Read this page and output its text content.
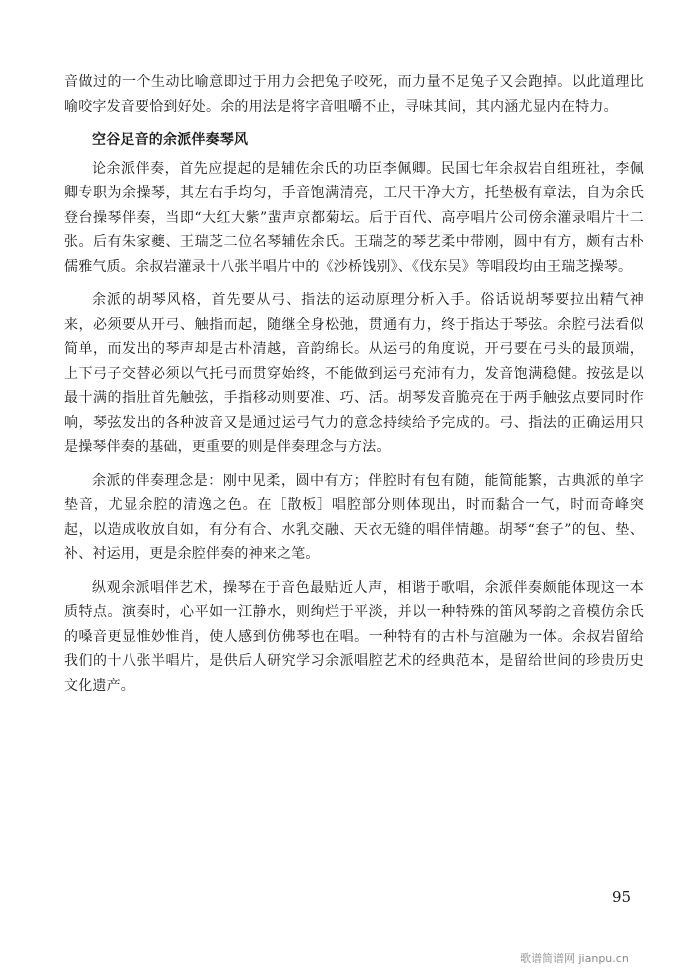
音做过的一个生动比喻意即过于用力会把兔子咬死，而力量不足兔子又会跑掉。以此道理比喻咬字发音要恰到好处。余的用法是将字音咀嚼不止，寻味其间，其内涵尤显内在特力。

空谷足音的余派伴奏琴风

论余派伴奏，首先应提起的是辅佐余氏的功臣李佩卿。民国七年余叔岩自组班社，李佩卿专职为余操琴，其左右手均匀，手音饱满清亮，工尺干净大方，托垫极有章法，自为余氏登台操琴伴奏，当即“大红大紫”蜚声京都菊坛。后于百代、高亭唱片公司傍余灌录唱片十二张。后有朱家夔、王瑞芝二位名琴辅佐余氏。王瑞芝的琴艺柔中带刚，圆中有方，颇有古朴儒雅气质。余叔岩灌录十八张半唱片中的《沙桥饯别》、《伐东吴》等唱段均由王瑞芝操琴。

余派的胡琴风格，首先要从弓、指法的运动原理分析入手。俗话说胡琴要拉出精气神来，必须要从开弓、触指而起，随继全身松弛，贯通有力，终于指达于琴弦。余腔弓法看似简单，而发出的琴声却是古朴清越，音韵绵长。从运弓的角度说，开弓要在弓头的最顶端，上下弓子交替必须以气托弓而贯穿始终，不能做到运弓充沛有力，发音饱满稳健。按弦是以最十满的指肚首先触弦，手指移动则要准、巧、活。胡琴发音脆亮在于两手触弦点要同时作响，琴弦发出的各种波音又是通过运弓气力的意念持续给予完成的。弓、指法的正确运用只是操琴伴奏的基础，更重要的则是伴奏理念与方法。

余派的伴奏理念是：刚中见柔，圆中有方；伴腔时有包有随，能简能繁，古典派的单字垫音，尤显余腔的清逸之色。在［散板］唱腔部分则体现出，时而黏合一气，时而奇峰突起，以造成收放自如，有分有合、水乳交融、天衣无缝的唱伴情趣。胡琴“套子”的包、垫、补、衬运用，更是余腔伴奏的神来之笔。

纵观余派唱伴艺术，操琴在于音色最贴近人声，相谐于歌唱，余派伴奏颇能体现这一本质特点。演奏时，心平如一江静水，则绚烂于平淡，并以一种特殊的笛风琴韵之音模仿余氏的嗓音更显惟妙惟肖，使人感到仿佛琴也在唱。一种特有的古朴与渲融为一体。余叔岩留给我们的十八张半唱片，是供后人研究学习余派唱腔艺术的经典范本，是留给世间的珍贵历史文化遗产。

95
歌谱简谱网 jianpu.cn
